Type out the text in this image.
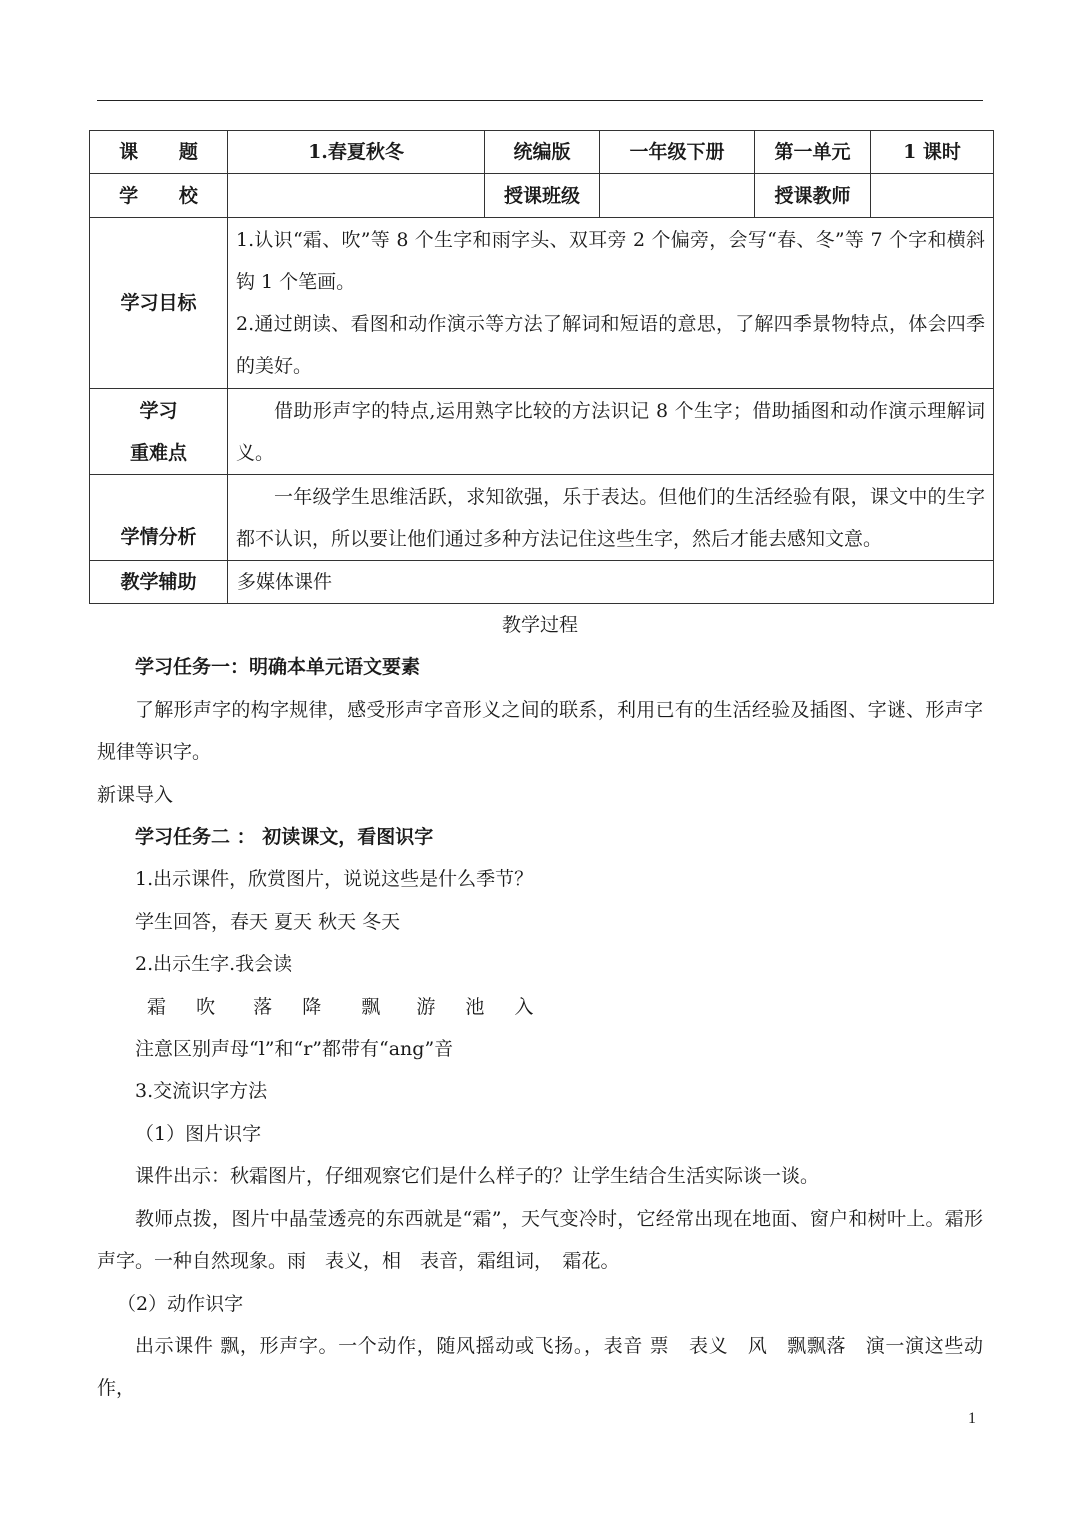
课 题	1.春夏秋冬	统编版	一年级下册	第一单元	1 课时
学 校		授课班级		授课教师	
学习目标	1.认识“霜、吹”等 8 个生字和雨字头、双耳旁 2 个偏旁，会写“春、冬”等 7 个字和横斜钩 1 个笔画。

2.通过朗读、看图和动作演示等方法了解词和短语的意思，了解四季景物特点，体会四季的美好。				

学习
重难点	借助形声字的特点,运用熟字比较的方法识记 8 个生字；借助插图和动作演示理解词义。				

学情分析	一年级学生思维活跃，求知欲强，乐于表达。但他们的生活经验有限，课文中的生字都不认识，所以要让他们通过多种方法记住这些生字，然后才能去感知文意。				

教学辅助	多媒体课件				

教学过程

学习任务一：明确本单元语文要素

了解形声字的构字规律，感受形声字音形义之间的联系，利用已有的生活经验及插图、字谜、形声字规律等识字。

新课导入

学习任务二 ： 初读课文，看图识字

1.出示课件，欣赏图片，说说这些是什么季节？

学生回答，春天 夏天 秋天 冬天

2.出示生字.我会读

霜 吹 落 降 飘 游 池 入

注意区别声母“l”和“r”都带有“ang”音

3.交流识字方法

（1）图片识字

课件出示：秋霜图片，仔细观察它们是什么样子的？让学生结合生活实际谈一谈。

教师点拨，图片中晶莹透亮的东西就是“霜”，天气变冷时，它经常出现在地面、窗户和树叶上。霜形声字。一种自然现象。雨　表义，相　表音，霜组词，　霜花。

（2）动作识字

出示课件 飘，形声字。一个动作，随风摇动或飞扬。，表音 票　表义　风　飘飘落　演一演这些动作，

1
